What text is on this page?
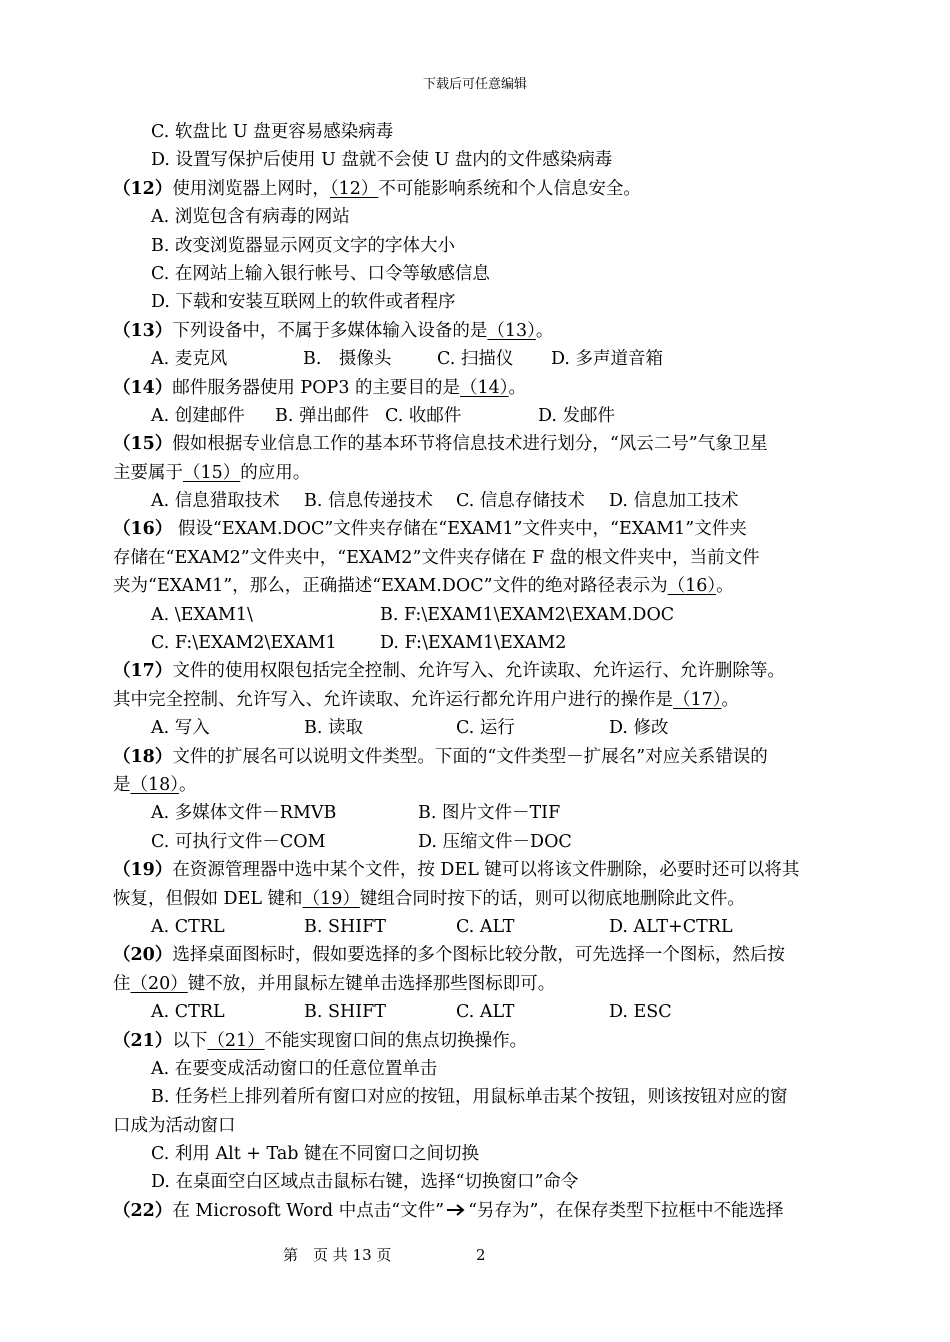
下载后可任意编辑
C. 软盘比 U 盘更容易感染病毒
D. 设置写保护后使用 U 盘就不会使 U 盘内的文件感染病毒
（12）使用浏览器上网时，（12）不可能影响系统和个人信息安全。
A. 浏览包含有病毒的网站
B. 改变浏览器显示网页文字的字体大小
C. 在网站上输入银行帐号、口令等敏感信息
D. 下载和安装互联网上的软件或者程序
（13）下列设备中，不属于多媒体输入设备的是（13）。
A. 麦克风	B.　摄像头	C. 扫描仪 D. 多声道音箱
（14）邮件服务器使用 POP3 的主要目的是（14）。
A. 创建邮件 B. 弹出邮件 C. 收邮件	D. 发邮件
（15）假如根据专业信息工作的基本环节将信息技术进行划分，“风云二号”气象卫星
主要属于（15）的应用。
A. 信息猎取技术 B. 信息传递技术 C. 信息存储技术 D. 信息加工技术
（16） 假设“EXAM.DOC”文件夹存储在“EXAM1”文件夹中，“EXAM1”文件夹
存储在“EXAM2”文件夹中，“EXAM2”文件夹存储在 F 盘的根文件夹中，当前文件
夹为“EXAM1”，那么，正确描述“EXAM.DOC”文件的绝对路径表示为（16）。
A. \EXAM1\	B. F:\EXAM1\EXAM2\EXAM.DOC
C. F:\EXAM2\EXAM1 D. F:\EXAM1\EXAM2
（17）文件的使用权限包括完全控制、允许写入、允许读取、允许运行、允许删除等。
其中完全控制、允许写入、允许读取、允许运行都允许用户进行的操作是（17）。
A. 写入	B. 读取	C. 运行	D. 修改
（18）文件的扩展名可以说明文件类型。下面的“文件类型－扩展名”对应关系错误的
是（18）。
A. 多媒体文件－RMVB	B. 图片文件－TIF
C. 可执行文件－COM	D. 压缩文件－DOC
（19）在资源管理器中选中某个文件，按 DEL 键可以将该文件删除，必要时还可以将其
恢复，但假如 DEL 键和（19）键组合同时按下的话，则可以彻底地删除此文件。
A. CTRL	B. SHIFT	C. ALT	D. ALT+CTRL
（20）选择桌面图标时，假如要选择的多个图标比较分散，可先选择一个图标，然后按
住（20）键不放，并用鼠标左键单击选择那些图标即可。
A. CTRL	B. SHIFT	C. ALT	D. ESC
（21）以下（21）不能实现窗口间的焦点切换操作。
A. 在要变成活动窗口的任意位置单击
B. 任务栏上排列着所有窗口对应的按钮，用鼠标单击某个按钮，则该按钮对应的窗
口成为活动窗口
C. 利用 Alt + Tab 键在不同窗口之间切换
D. 在桌面空白区域点击鼠标右键，选择“切换窗口”命令
（22）在 Microsoft Word 中点击“文件” “另存为”，在保存类型下拉框中不能选择
第　页 共 13 页	2
